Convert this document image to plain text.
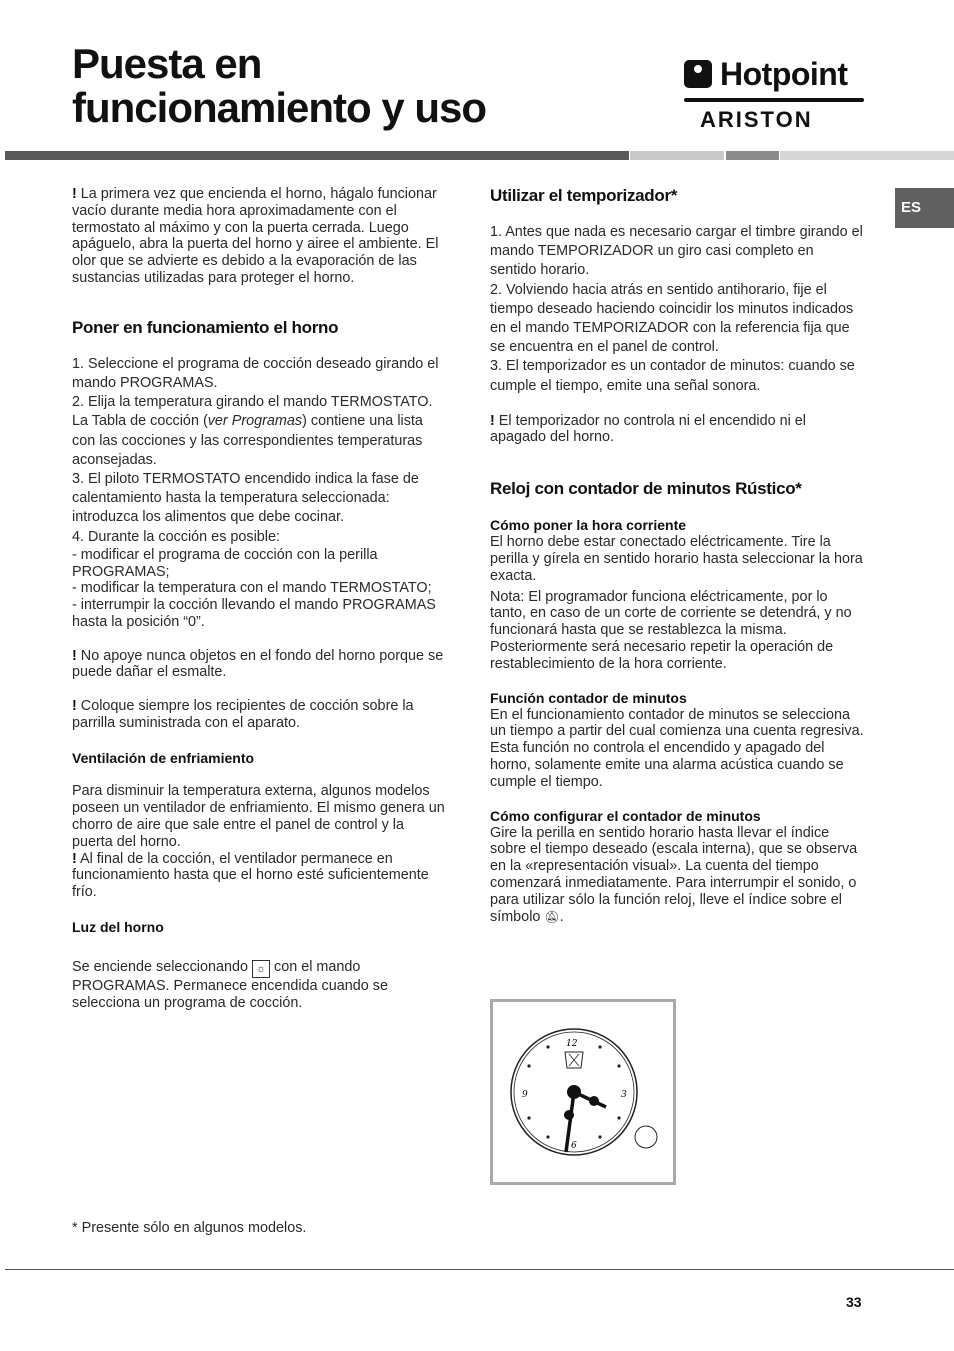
Puesta en
funcionamiento y uso
Hotpoint
ARISTON
ES

! La primera vez que encienda el horno, hágalo funcionar vacío durante media hora aproximadamente con el termostato al máximo y con la puerta cerrada. Luego apáguelo, abra la puerta del horno y airee el ambiente. El olor que se advierte es debido a la evaporación de las sustancias utilizadas para proteger el horno.

Poner en funcionamiento el horno

1. Seleccione el programa de cocción deseado girando el mando PROGRAMAS.

2. Elija la temperatura girando el mando TERMOSTATO. La Tabla de cocción (ver Programas) contiene una lista con las cocciones y las correspondientes temperaturas aconsejadas.

3. El piloto TERMOSTATO encendido indica la fase de calentamiento hasta la temperatura seleccionada: introduzca los alimentos que debe cocinar.

4. Durante la cocción es posible:

- modificar el programa de cocción con la perilla PROGRAMAS;

- modificar la temperatura con el mando TERMOSTATO;

- interrumpir la cocción llevando el mando PROGRAMAS hasta la posición “0”.

! No apoye nunca objetos en el fondo del horno porque se puede dañar el esmalte.

! Coloque siempre los recipientes de cocción sobre la parrilla suministrada con el aparato.

Ventilación de enfriamiento

Para disminuir la temperatura externa, algunos modelos poseen un ventilador de enfriamiento. El mismo genera un chorro de aire que sale entre el panel de control y la puerta del horno.

! Al final de la cocción, el ventilador permanece en funcionamiento hasta que el horno esté suficientemente frío.

Luz del horno

Se enciende seleccionando ☼ con el mando PROGRAMAS. Permanece encendida cuando se selecciona un programa de cocción.

Utilizar el temporizador*

1. Antes que nada es necesario cargar el timbre girando el mando TEMPORIZADOR un giro casi completo en sentido horario.

2. Volviendo hacia atrás en sentido antihorario, fije el tiempo deseado haciendo coincidir los minutos indicados en el mando TEMPORIZADOR con la referencia fija que se encuentra en el panel de control.

3. El temporizador es un contador de minutos: cuando se cumple el tiempo, emite una señal sonora.

! El temporizador no controla ni el encendido ni el apagado del horno.

Reloj con contador de minutos Rústico*
Cómo poner la hora corriente

El horno debe estar conectado eléctricamente. Tire la perilla y gírela en sentido horario hasta seleccionar la hora exacta.

Nota: El programador funciona eléctricamente, por lo tanto, en caso de un corte de corriente se detendrá, y no funcionará hasta que se restablezca la misma. Posteriormente será necesario repetir la operación de restablecimiento de la hora corriente.

Función contador de minutos

En el funcionamiento contador de minutos se selecciona un tiempo a partir del cual comienza una cuenta regresiva. Esta función no controla el encendido y apagado del horno, solamente emite una alarma acústica cuando se cumple el tiempo.

Cómo configurar el contador de minutos

Gire la perilla en sentido horario hasta llevar el índice sobre el tiempo deseado (escala interna), que se observa en la «representación visual». La cuenta del tiempo comenzará inmediatamente. Para interrumpir el sonido, o para utilizar sólo la función reloj, lleve el índice sobre el símbolo 🔕︎.

12
3
6
9
* Presente sólo en algunos modelos.
33
